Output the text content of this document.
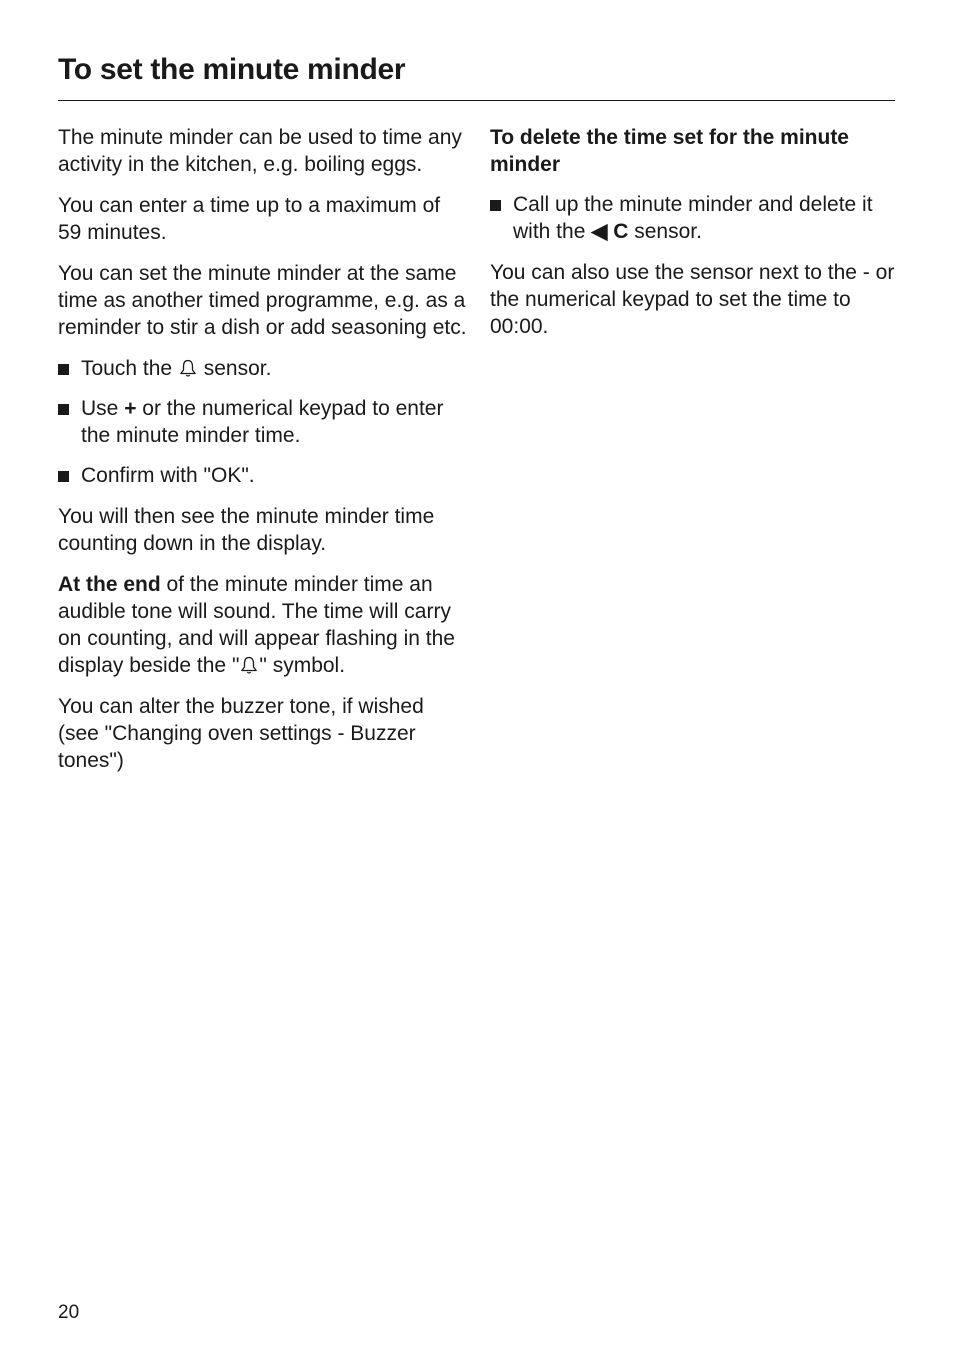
To set the minute minder

The minute minder can be used to time any activity in the kitchen, e.g. boiling eggs.

You can enter a time up to a maximum of 59 minutes.

You can set the minute minder at the same time as another timed programme, e.g. as a reminder to stir a dish or add seasoning etc.

Touch the  sensor.
Use + or the numerical keypad to enter the minute minder time.
Confirm with "OK".

You will then see the minute minder time counting down in the display.

At the end of the minute minder time an audible tone will sound. The time will carry on counting, and will appear flashing in the display beside the " " symbol.

You can alter the buzzer tone, if wished (see "Changing oven settings - Buzzer tones")

To delete the time set for the minute minder

Call up the minute minder and delete it with the ◀ C sensor.

You can also use the sensor next to the - or the numerical keypad to set the time to 00:00.

20
